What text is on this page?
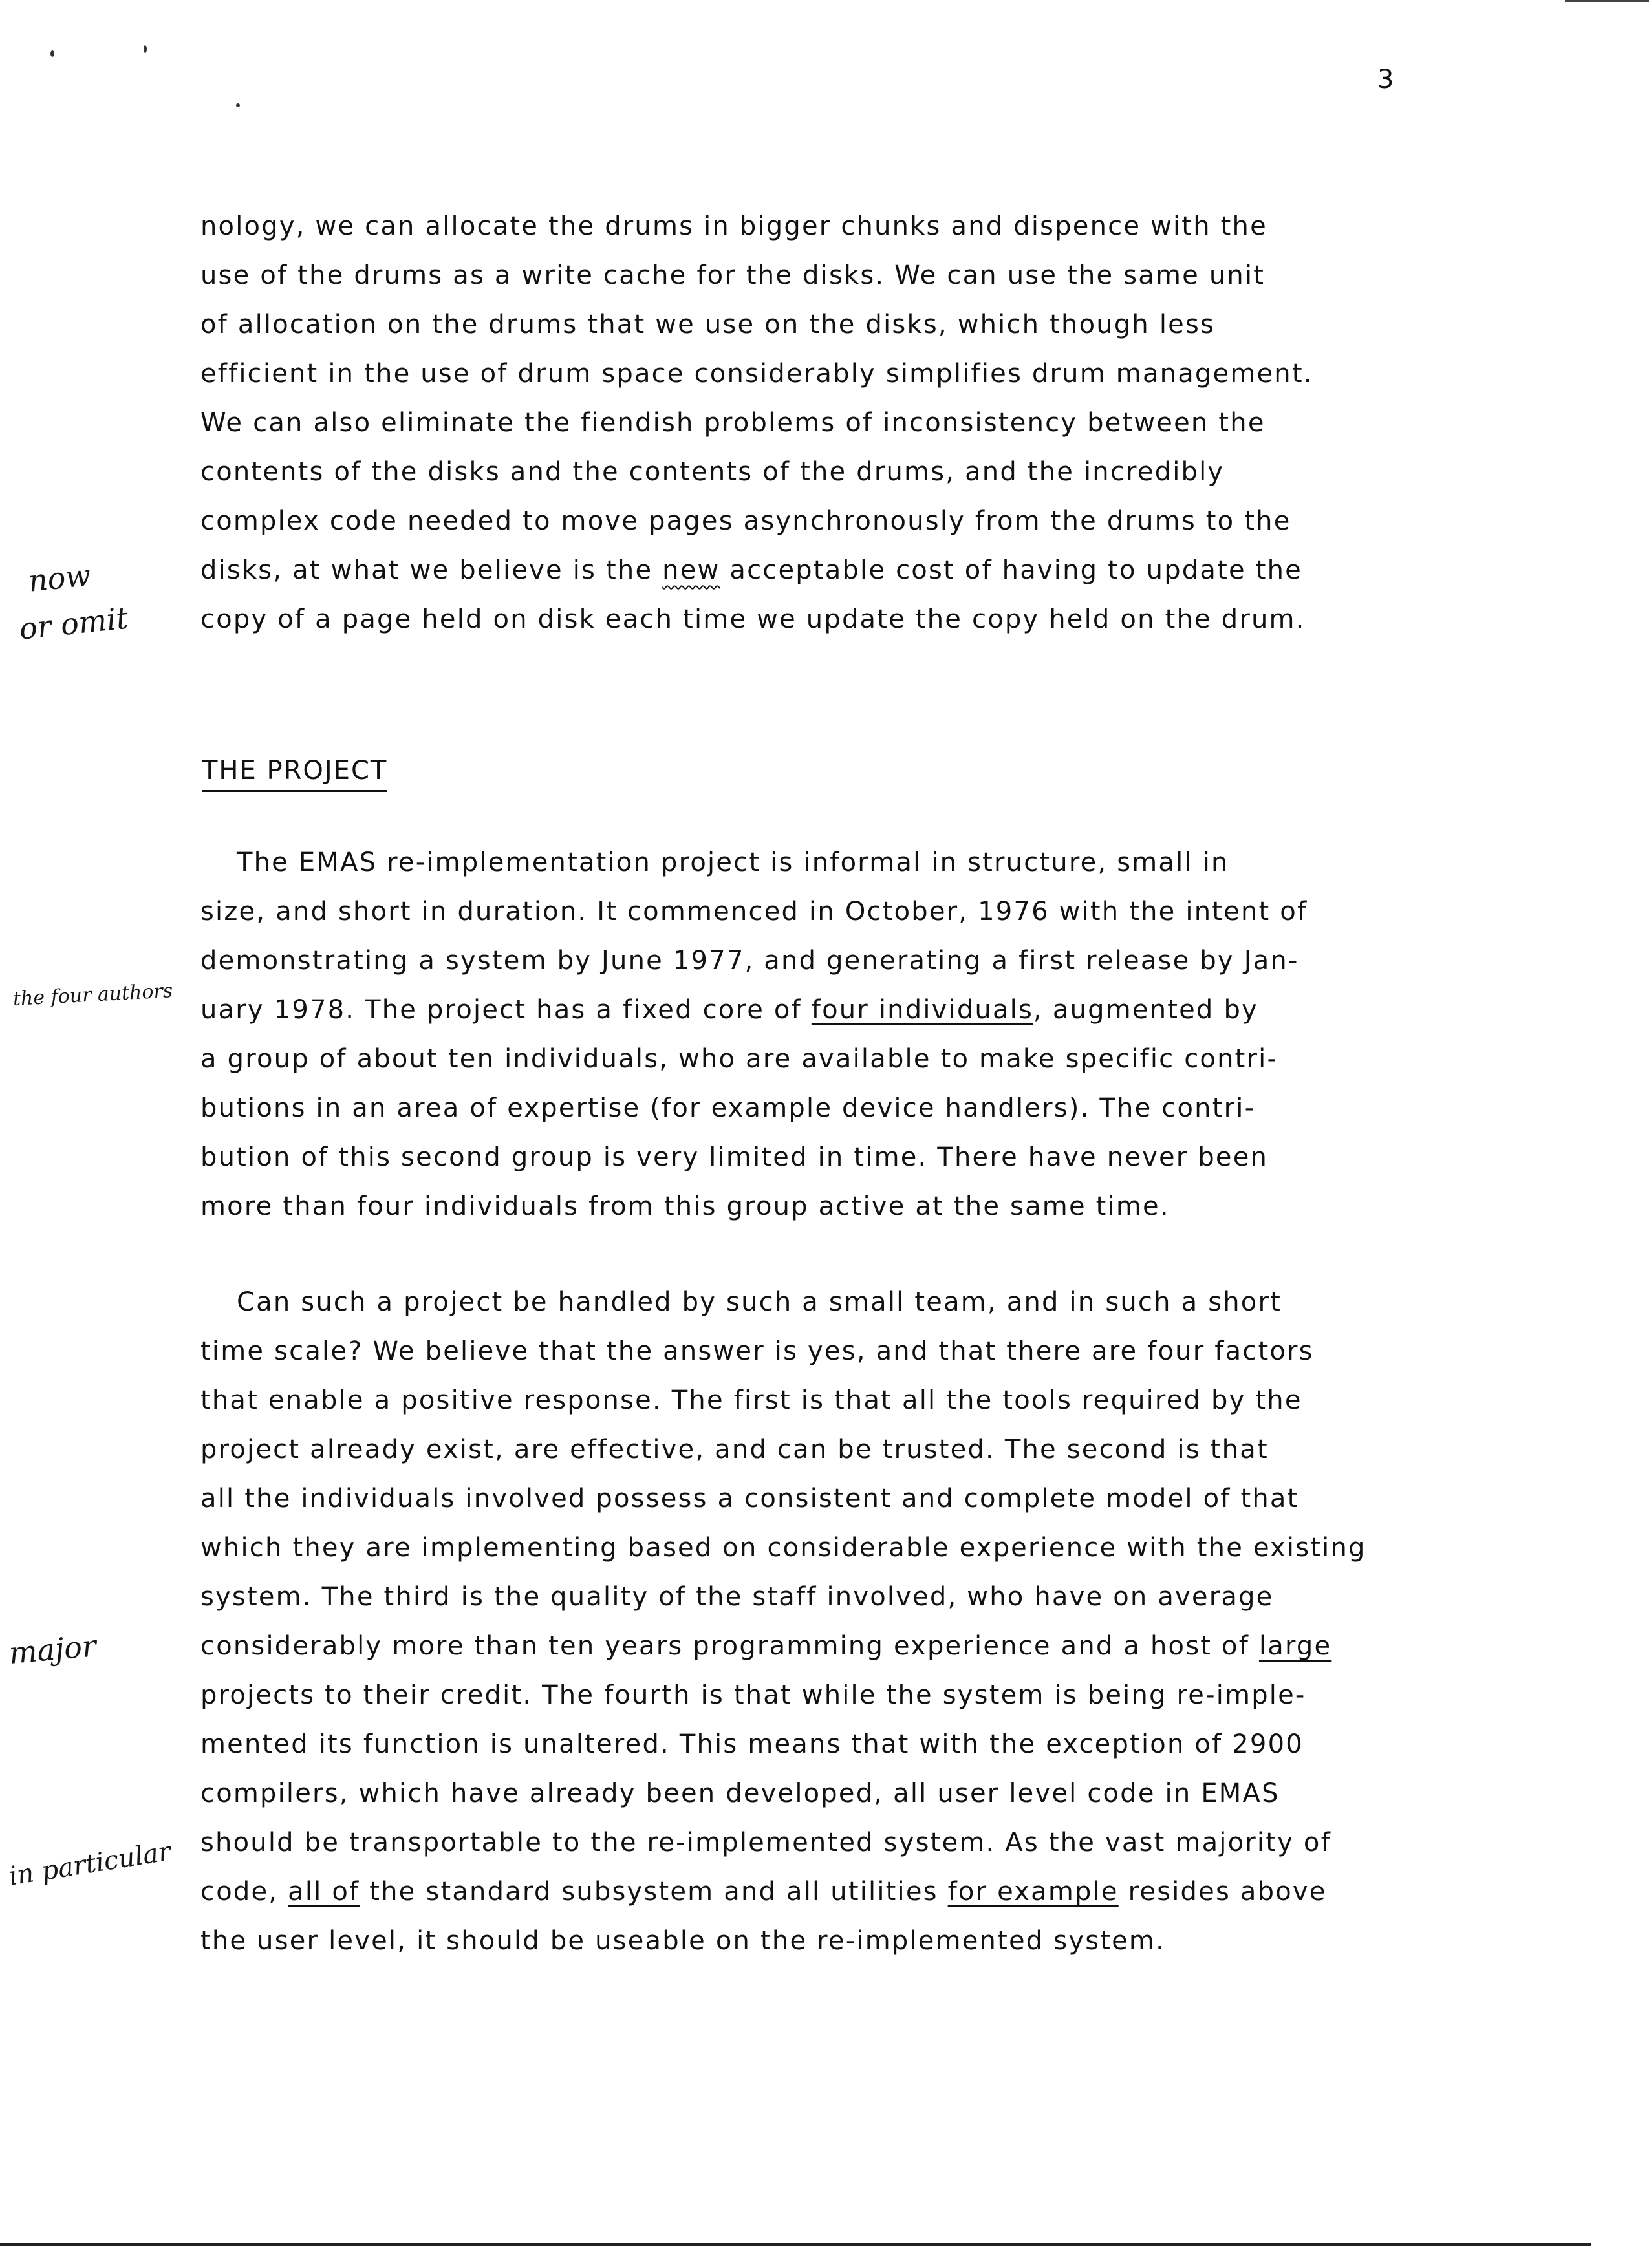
3
nology, we can allocate the drums in bigger chunks and dispence with the
use of the drums as a write cache for the disks. We can use the same unit
of allocation on the drums that we use on the disks, which though less
efficient in the use of drum space considerably simplifies drum management.
We can also eliminate the fiendish problems of inconsistency between the
contents of the disks and the contents of the drums, and the incredibly
complex code needed to move pages asynchronously from the drums to the
disks, at what we believe is the new acceptable cost of having to update the
copy of a page held on disk each time we update the copy held on the drum.
THE PROJECT
The EMAS re-implementation project is informal in structure, small in
size, and short in duration. It commenced in October, 1976 with the intent of
demonstrating a system by June 1977, and generating a first release by Jan-
uary 1978. The project has a fixed core of four individuals, augmented by
a group of about ten individuals, who are available to make specific contri-
butions in an area of expertise (for example device handlers). The contri-
bution of this second group is very limited in time. There have never been
more than four individuals from this group active at the same time.
Can such a project be handled by such a small team, and in such a short
time scale? We believe that the answer is yes, and that there are four factors
that enable a positive response. The first is that all the tools required by the
project already exist, are effective, and can be trusted. The second is that
all the individuals involved possess a consistent and complete model of that
which they are implementing based on considerable experience with the existing
system. The third is the quality of the staff involved, who have on average
considerably more than ten years programming experience and a host of large
projects to their credit. The fourth is that while the system is being re-imple-
mented its function is unaltered. This means that with the exception of 2900
compilers, which have already been developed, all user level code in EMAS
should be transportable to the re-implemented system. As the vast majority of
code, all of the standard subsystem and all utilities for example resides above
the user level, it should be useable on the re-implemented system.
now
or omit
the four authors
major
in particular
